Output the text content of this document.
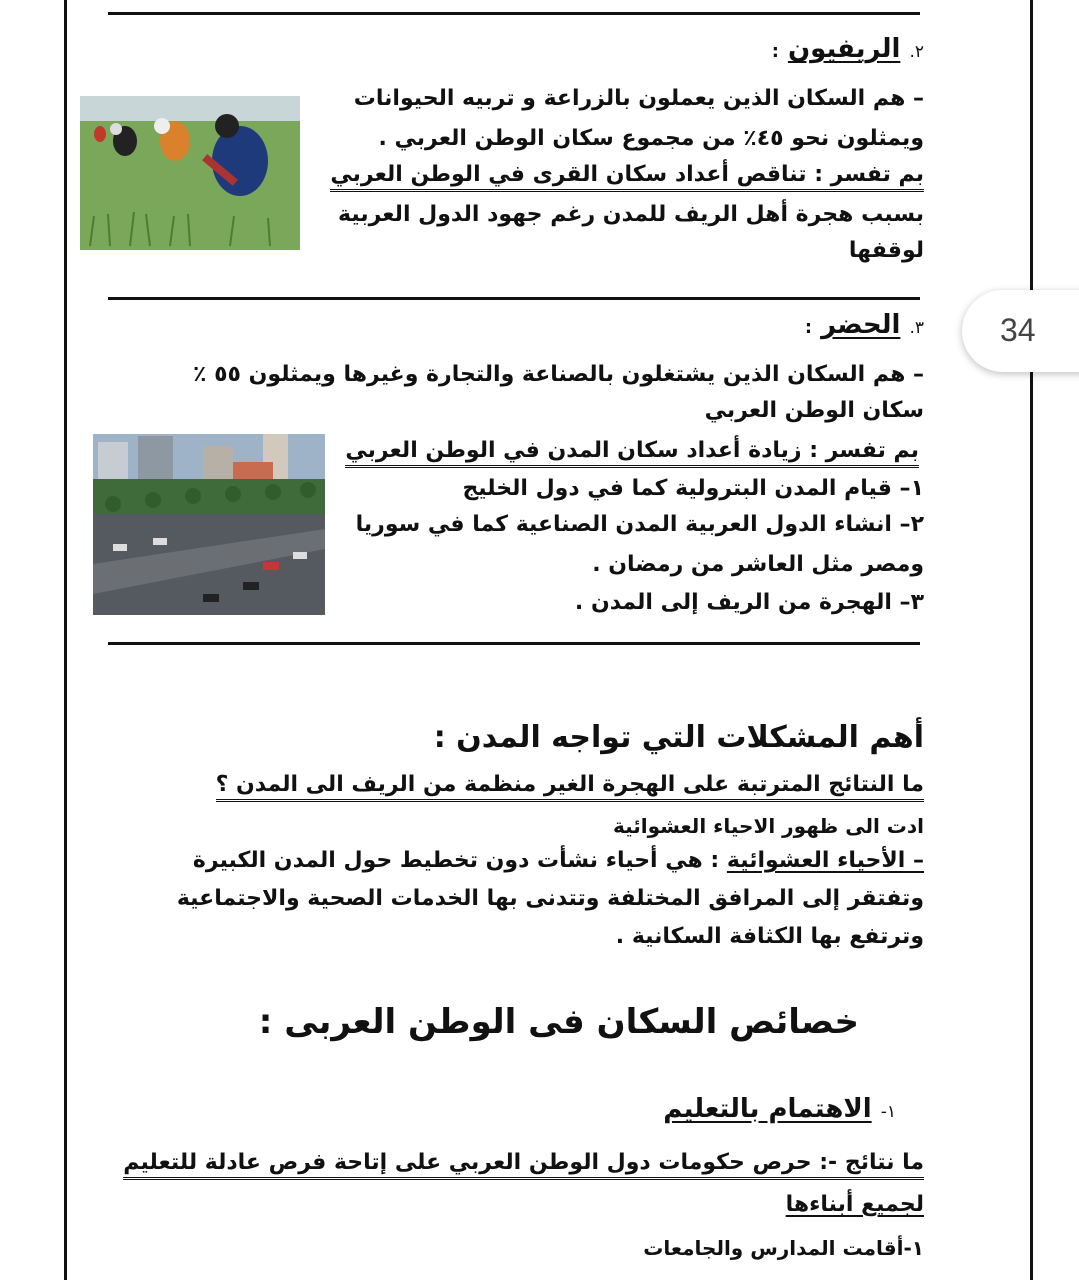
٢. الريفيون :
– هم السكان الذين يعملون بالزراعة و تربيه الحيوانات
ويمثلون نحو ٤٥٪ من مجموع سكان الوطن العربي .
بم تفسر : تناقص أعداد سكان القرى في الوطن العربي
بسبب هجرة أهل الريف للمدن رغم جهود الدول العربية
لوقفها
٣. الحضر :
– هم السكان الذين يشتغلون بالصناعة والتجارة وغيرها ويمثلون ٥٥ ٪
سكان الوطن العربي
بم تفسر : زيادة أعداد سكان المدن في الوطن العربي
١– قيام المدن البترولية كما في دول الخليج
٢– انشاء الدول العربية المدن الصناعية كما في سوريا
ومصر مثل العاشر من رمضان .
٣– الهجرة من الريف إلى المدن .
أهم المشكلات التي تواجه المدن :
ما النتائج المترتبة على الهجرة الغير منظمة من الريف الى المدن ؟
ادت الى ظهور الاحياء العشوائية
– الأحياء العشوائية : هي أحياء نشأت دون تخطيط حول المدن الكبيرة
وتفتقر إلى المرافق المختلفة وتتدنى بها الخدمات الصحية والاجتماعية
وترتفع بها الكثافة السكانية .
خصائص السكان فى الوطن العربى :
١- الاهتمام بالتعليم
ما نتائج -: حرص حكومات دول الوطن العربي على إتاحة فرص عادلة للتعليم
لجميع أبناءها
١-أقامت المدارس والجامعات
34
